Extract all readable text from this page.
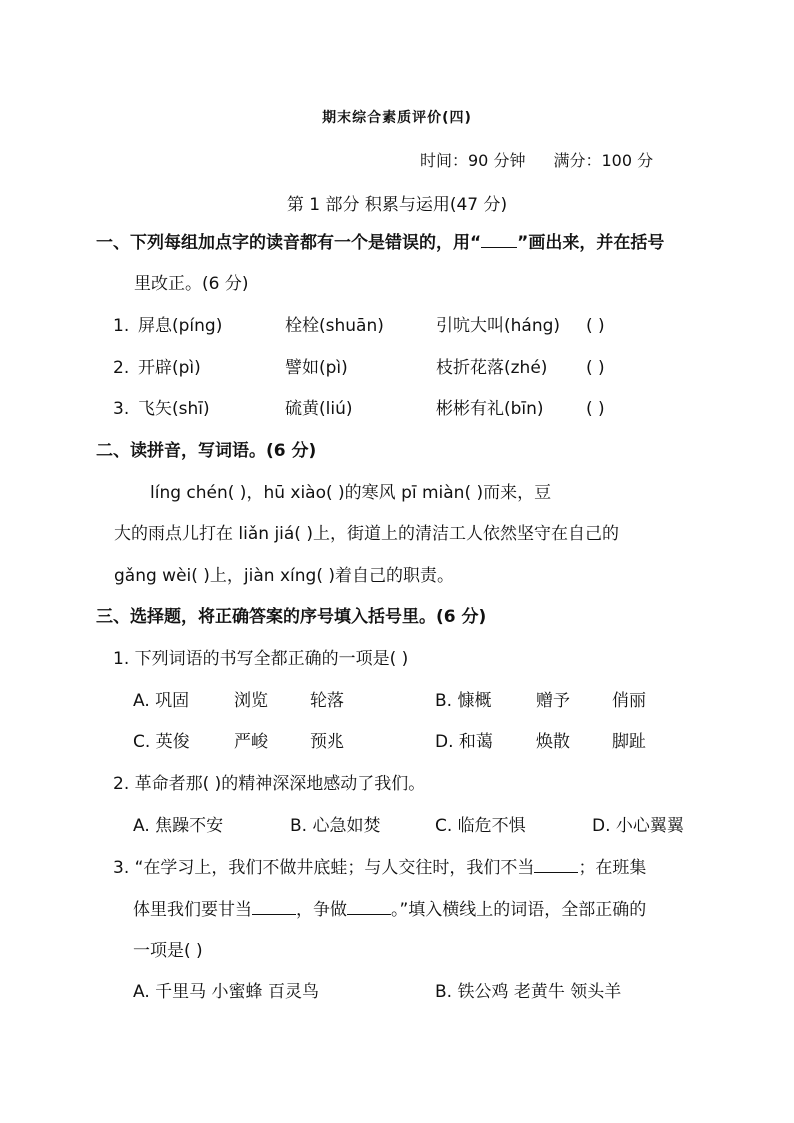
期末综合素质评价(四)
时间：90 分钟 满分：100 分
第 1 部分 积累与运用(47 分)
一、下列每组加点字的读音都有一个是错误的，用“ ”画出来，并在括号
里改正。(6 分)
1. 屏息(píng)	栓栓(shuān)	引吭大叫(háng) ( )
2. 开辟(pì)	譬如(pì)	枝折花落(zhé) ( )
3. 飞矢(shī)	硫黄(liú)	彬彬有礼(bīn) ( )
二、读拼音，写词语。(6 分)
líng chén( )，hū xiào( )的寒风 pī miàn( )而来，豆
大的雨点儿打在 liǎn jiá( )上，街道上的清洁工人依然坚守在自己的
gǎng wèi( )上，jiàn xíng( )着自己的职责。
三、选择题，将正确答案的序号填入括号里。(6 分)
1. 下列词语的书写全都正确的一项是( )
A. 巩固	浏览 轮落	B. 慷概	赠予 俏丽
C. 英俊	严峻 预兆	D. 和蔼	焕散 脚趾
2. 革命者那( )的精神深深地感动了我们。
A. 焦躁不安	B. 心急如焚	C. 临危不惧	D. 小心翼翼
3. “在学习上，我们不做井底蛙；与人交往时，我们不当	；在班集
体里我们要甘当	，争做	。”填入横线上的词语，全部正确的
一项是( )
A. 千里马 小蜜蜂 百灵鸟	B. 铁公鸡 老黄牛 领头羊
